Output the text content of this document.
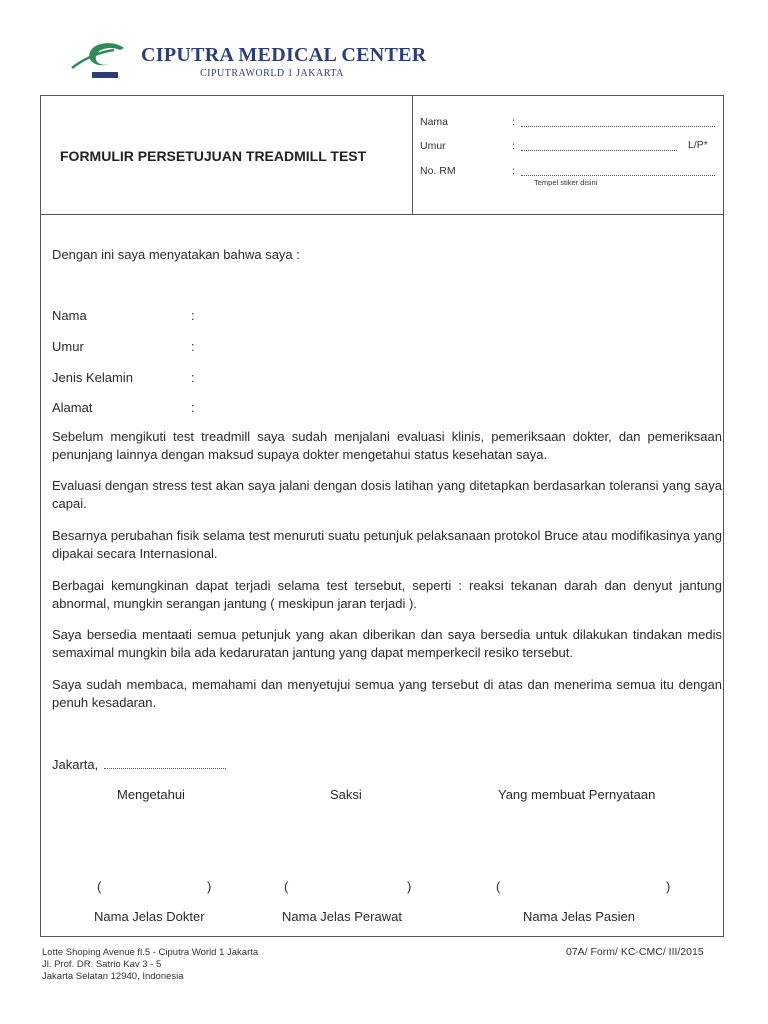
CIPUTRA MEDICAL CENTER
CIPUTRAWORLD 1 JAKARTA
FORMULIR PERSETUJUAN TREADMILL TEST
Nama	:
Umur	:	L/P*
No. RM	:
Tempel stiker disini
Dengan ini saya menyatakan bahwa saya :
Nama	:
Umur	:
Jenis Kelamin	:
Alamat	:
Sebelum mengikuti test treadmill saya sudah menjalani evaluasi klinis, pemeriksaan dokter, dan pemeriksaan penunjang lainnya dengan maksud supaya dokter mengetahui status kesehatan saya.
Evaluasi dengan stress test akan saya jalani dengan dosis latihan yang ditetapkan berdasarkan toleransi yang saya capai.
Besarnya perubahan fisik selama test menuruti suatu petunjuk pelaksanaan protokol Bruce atau modifikasinya yang dipakai secara Internasional.
Berbagai kemungkinan dapat terjadi selama test tersebut, seperti : reaksi tekanan darah dan denyut jantung abnormal, mungkin serangan jantung ( meskipun jaran terjadi ).
Saya bersedia mentaati semua petunjuk yang akan diberikan dan saya bersedia untuk dilakukan tindakan medis semaximal mungkin bila ada kedaruratan jantung yang dapat memperkecil resiko tersebut.
Saya sudah membaca, memahami dan menyetujui semua yang tersebut di atas dan menerima semua itu dengan penuh kesadaran.
Jakarta,
Mengetahui	Saksi	Yang membuat Pernyataan
(	)	(	)	(	)
Nama Jelas Dokter	Nama Jelas Perawat	Nama Jelas Pasien
Lotte Shoping Avenue fl.5 - Ciputra World 1 Jakarta
Jl. Prof. DR. Satrio Kav 3 - 5
Jakarta Selatan 12940, Indonesia
07A/ Form/ KC-CMC/ III/2015
